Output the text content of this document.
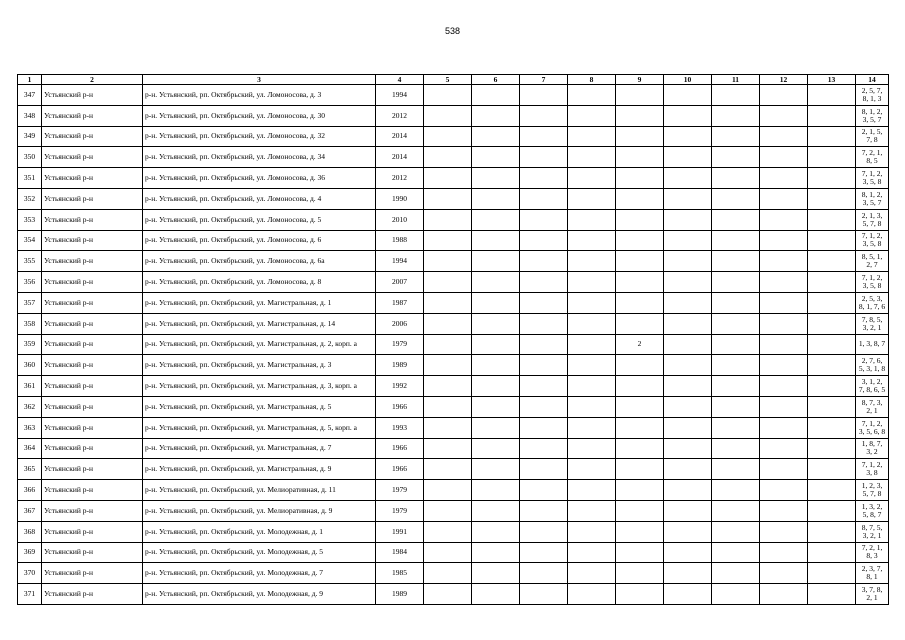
538
1	2	3	4	5	6	7	8	9	10	11	12	13	14
347	Устьянский р-н	р-н. Устьянский, рп. Октябрьский, ул. Ломоносова, д. 3	1994										2, 5, 7, 8, 1, 3
348	Устьянский р-н	р-н. Устьянский, рп. Октябрьский, ул. Ломоносова, д. 30	2012										8, 1, 2, 3, 5, 7
349	Устьянский р-н	р-н. Устьянский, рп. Октябрьский, ул. Ломоносова, д. 32	2014										2, 1, 5, 7, 8
350	Устьянский р-н	р-н. Устьянский, рп. Октябрьский, ул. Ломоносова, д. 34	2014										7, 2, 1, 8, 5
351	Устьянский р-н	р-н. Устьянский, рп. Октябрьский, ул. Ломоносова, д. 36	2012										7, 1, 2, 3, 5, 8
352	Устьянский р-н	р-н. Устьянский, рп. Октябрьский, ул. Ломоносова, д. 4	1990										8, 1, 2, 3, 5, 7
353	Устьянский р-н	р-н. Устьянский, рп. Октябрьский, ул. Ломоносова, д. 5	2010										2, 1, 3, 5, 7, 8
354	Устьянский р-н	р-н. Устьянский, рп. Октябрьский, ул. Ломоносова, д. 6	1988										7, 1, 2, 3, 5, 8
355	Устьянский р-н	р-н. Устьянский, рп. Октябрьский, ул. Ломоносова, д. 6а	1994										8, 5, 1, 2, 7
356	Устьянский р-н	р-н. Устьянский, рп. Октябрьский, ул. Ломоносова, д. 8	2007										7, 1, 2, 3, 5, 8
357	Устьянский р-н	р-н. Устьянский, рп. Октябрьский, ул. Магистральная, д. 1	1987										2, 5, 3, 8, 1, 7, 6
358	Устьянский р-н	р-н. Устьянский, рп. Октябрьский, ул. Магистральная, д. 14	2006										7, 8, 5, 3, 2, 1
359	Устьянский р-н	р-н. Устьянский, рп. Октябрьский, ул. Магистральная, д. 2, корп. а	1979					2					1, 3, 8, 7
360	Устьянский р-н	р-н. Устьянский, рп. Октябрьский, ул. Магистральная, д. 3	1989										2, 7, 6, 5, 3, 1, 8
361	Устьянский р-н	р-н. Устьянский, рп. Октябрьский, ул. Магистральная, д. 3, корп. а	1992										3, 1, 2, 7, 8, 6, 5
362	Устьянский р-н	р-н. Устьянский, рп. Октябрьский, ул. Магистральная, д. 5	1966										8, 7, 3, 2, 1
363	Устьянский р-н	р-н. Устьянский, рп. Октябрьский, ул. Магистральная, д. 5, корп. а	1993										7, 1, 2, 3, 5, 6, 8
364	Устьянский р-н	р-н. Устьянский, рп. Октябрьский, ул. Магистральная, д. 7	1966										1, 8, 7, 3, 2
365	Устьянский р-н	р-н. Устьянский, рп. Октябрьский, ул. Магистральная, д. 9	1966										7, 1, 2, 3, 8
366	Устьянский р-н	р-н. Устьянский, рп. Октябрьский, ул. Мелиоративная, д. 11	1979										1, 2, 3, 5, 7, 8
367	Устьянский р-н	р-н. Устьянский, рп. Октябрьский, ул. Мелиоративная, д. 9	1979										1, 3, 2, 5, 8, 7
368	Устьянский р-н	р-н. Устьянский, рп. Октябрьский, ул. Молодежная, д. 1	1991										8, 7, 5, 3, 2, 1
369	Устьянский р-н	р-н. Устьянский, рп. Октябрьский, ул. Молодежная, д. 5	1984										7, 2, 1, 8, 3
370	Устьянский р-н	р-н. Устьянский, рп. Октябрьский, ул. Молодежная, д. 7	1985										2, 3, 7, 8, 1
371	Устьянский р-н	р-н. Устьянский, рп. Октябрьский, ул. Молодежная, д. 9	1989										3, 7, 8, 2, 1
